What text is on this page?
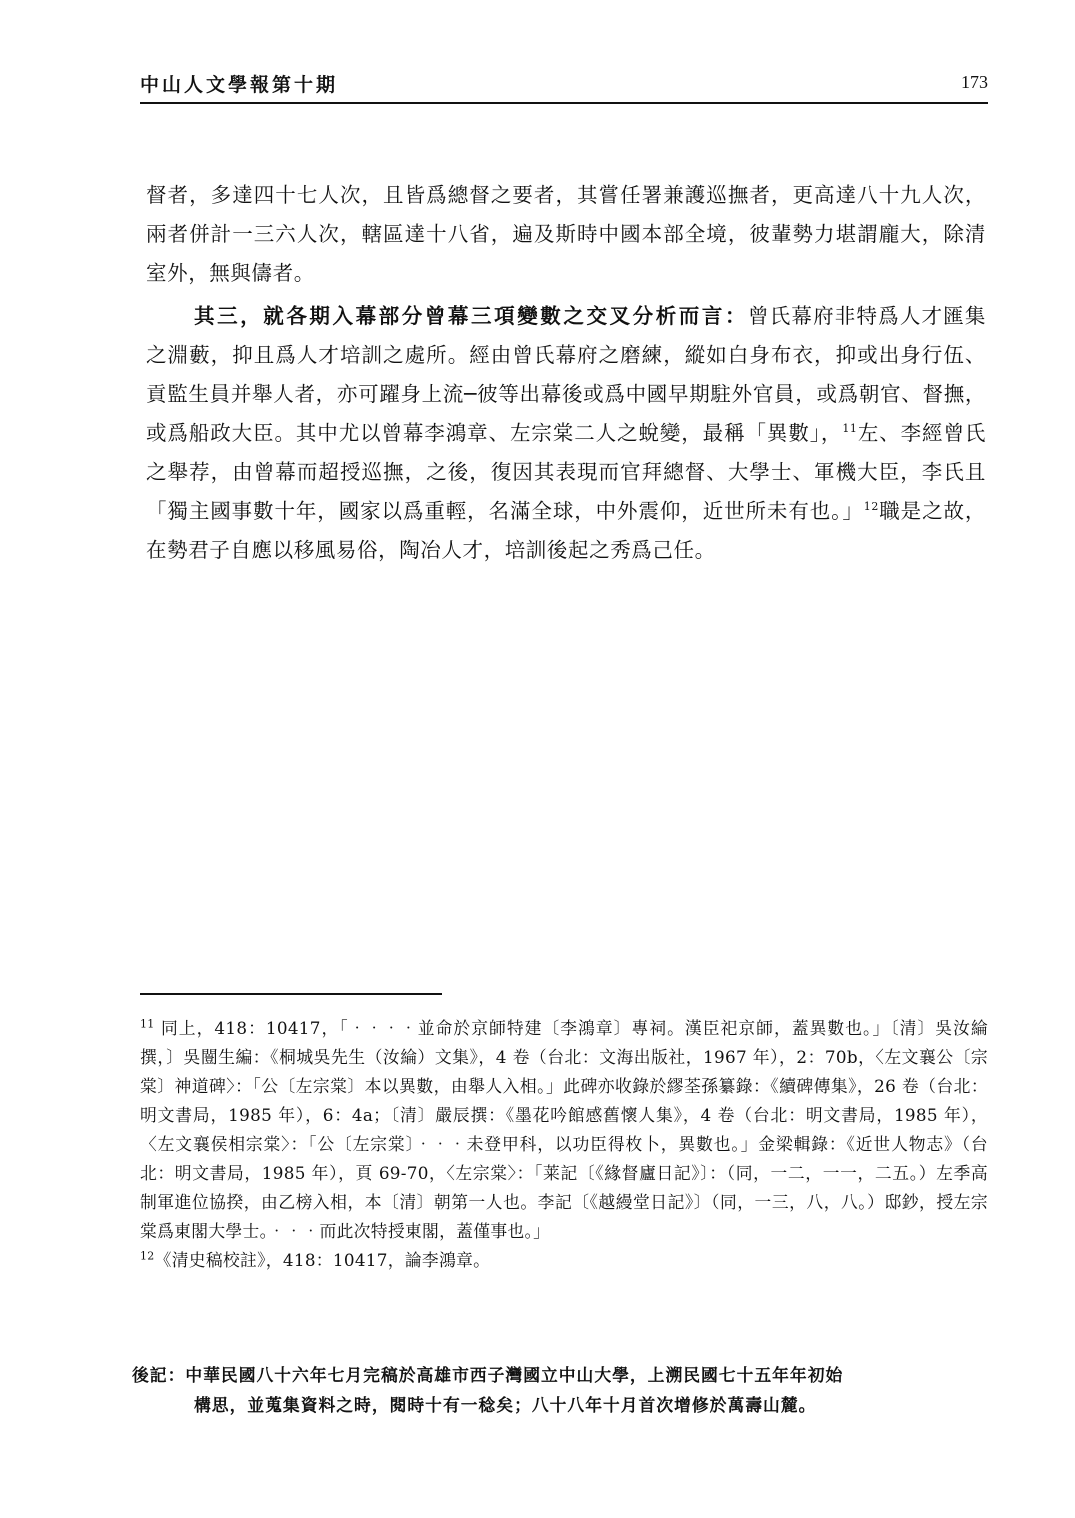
中山人文學報第十期	173

督者，多達四十七人次，且皆爲總督之要者，其嘗任署兼護巡撫者，更高達八十九人次，兩者併計一三六人次，轄區達十八省，遍及斯時中國本部全境，彼輩勢力堪謂龐大，除清室外，無與儔者。

其三，就各期入幕部分曾幕三項變數之交叉分析而言：曾氏幕府非特爲人才匯集之淵藪，抑且爲人才培訓之處所。經由曾氏幕府之磨練，縱如白身布衣，抑或出身行伍、貢監生員并舉人者，亦可躍身上流─彼等出幕後或爲中國早期駐外官員，或爲朝官、督撫，或爲船政大臣。其中尤以曾幕李鴻章、左宗棠二人之蛻變，最稱「異數」，$^{11}$左、李經曾氏之舉荐，由曾幕而超授巡撫，之後，復因其表現而官拜總督、大學士、軍機大臣，李氏且「獨主國事數十年，國家以爲重輕，名滿全球，中外震仰，近世所未有也。」$^{12}$職是之故，在勢君子自應以移風易俗，陶冶人才，培訓後起之秀爲己任。

$^{11}$ 同上，418：10417，「‧‧‧‧並命於京師特建〔李鴻章〕專祠。漢臣祀京師，蓋異數也。」〔清〕吳汝綸撰，〕吳闓生編：《桐城吳先生（汝綸）文集》，4 卷（台北：文海出版社，1967 年），2：70b，〈左文襄公〔宗棠〕神道碑〉：「公〔左宗棠〕本以異數，由舉人入相。」此碑亦收錄於繆荃孫纂錄：《續碑傳集》，26 卷（台北：明文書局，1985 年），6：4a；〔清〕嚴辰撰：《墨花吟館感舊懷人集》，4 卷（台北：明文書局，1985 年），〈左文襄侯相宗棠〉：「公〔左宗棠〕‧‧‧未登甲科，以功臣得枚卜，異數也。」金梁輯錄：《近世人物志》（台北：明文書局，1985 年），頁 69-70，〈左宗棠〉：「莱記〔《緣督廬日記》〕：（同，一二，一一，二五。）左季高制軍進位協揆，由乙榜入相，本〔清〕朝第一人也。李記〔《越縵堂日記》〕（同，一三，八，八。）邸鈔，授左宗棠爲東閣大學士。‧‧‧而此次特授東閣，蓋僅事也。」

$^{12}$《清史稿校註》，418：10417，論李鴻章。

後記：中華民國八十六年七月完稿於高雄市西子灣國立中山大學，上溯民國七十五年年初始
構思，並蒐集資料之時，閱時十有一稔矣；八十八年十月首次增修於萬壽山麓。
